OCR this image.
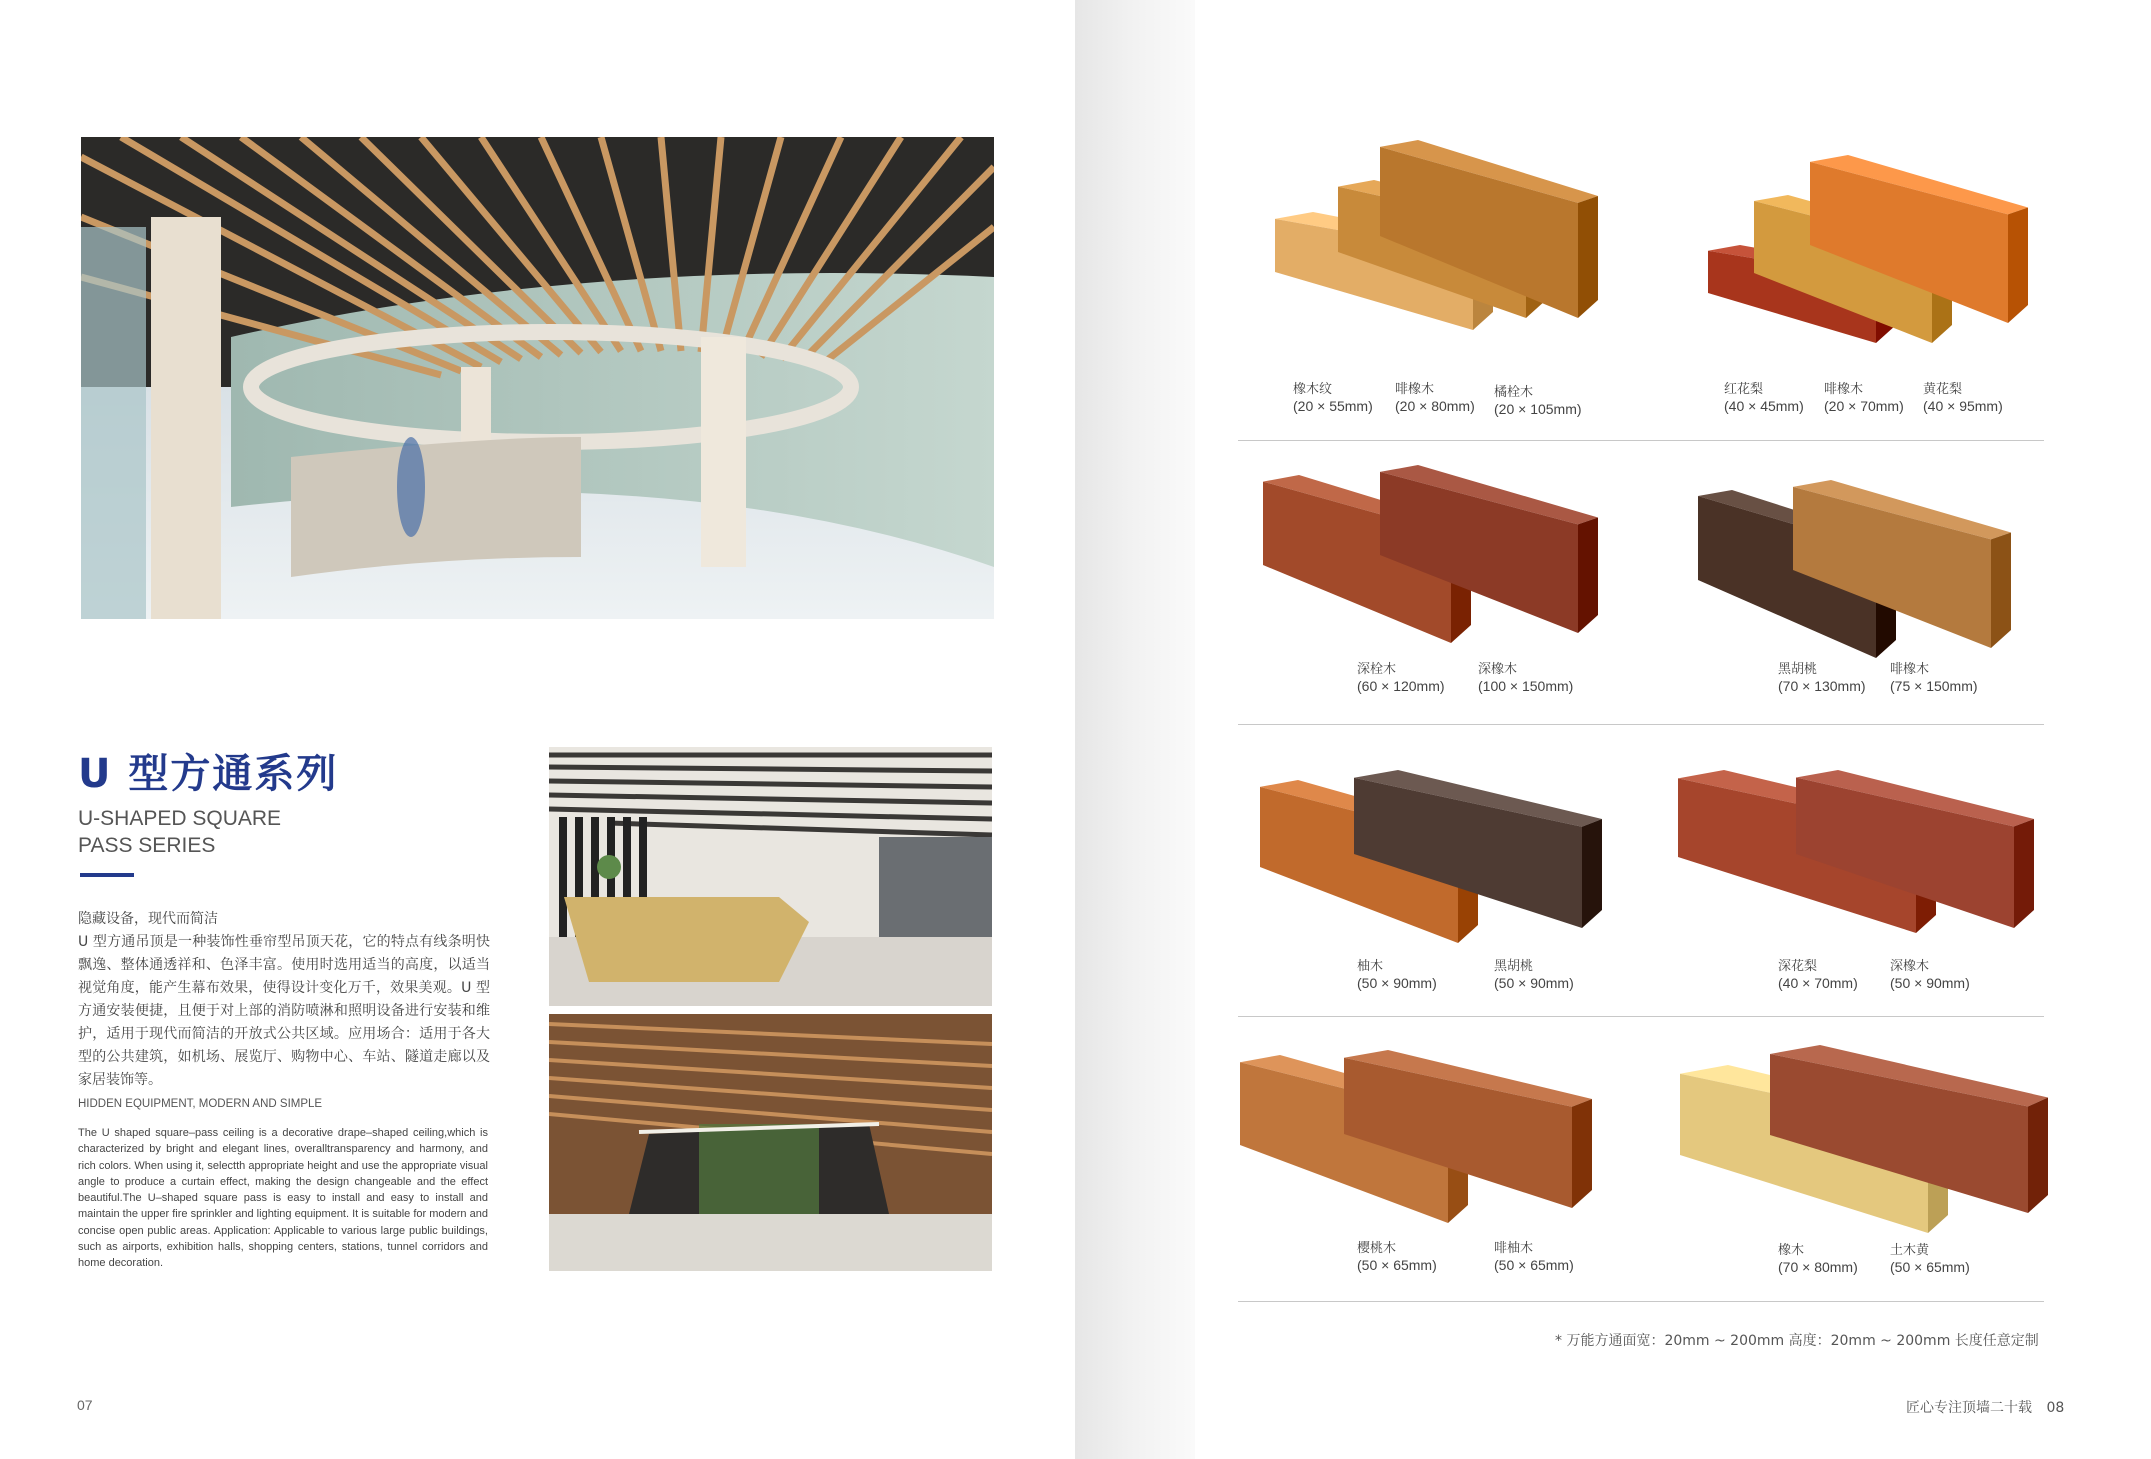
U 型方通系列
U-SHAPED SQUARE
PASS SERIES
隐藏设备，现代而简洁
U 型方通吊顶是一种装饰性垂帘型吊顶天花，它的特点有线条明快飘逸、整体通透祥和、色泽丰富。使用时选用适当的高度，以适当视觉角度，能产生幕布效果，使得设计变化万千，效果美观。U 型方通安装便捷，且便于对上部的消防喷淋和照明设备进行安装和维护，适用于现代而简洁的开放式公共区域。应用场合：适用于各大型的公共建筑，如机场、展览厅、购物中心、车站、隧道走廊以及家居装饰等。
HIDDEN EQUIPMENT, MODERN AND SIMPLE
The U shaped square–pass ceiling is a decorative drape–shaped ceiling,which is characterized by bright and elegant lines, overalltransparency and harmony, and rich colors. When using it, selectth appropriate height and use the appropriate visual angle to produce a curtain effect, making the design changeable and the effect beautiful.The U–shaped square pass is easy to install and easy to install and maintain the upper fire sprinkler and lighting equipment. It is suitable for modern and concise open public areas. Application: Applicable to various large public buildings, such as airports, exhibition halls, shopping centers, stations, tunnel corridors and home decoration.
07
橡木纹
(20 × 55mm)
啡橡木
(20 × 80mm)
橘栓木
(20 × 105mm)
红花梨
(40 × 45mm)
啡橡木
(20 × 70mm)
黄花梨
(40 × 95mm)
深栓木
(60 × 120mm)
深橡木
(100 × 150mm)
黑胡桃
(70 × 130mm)
啡橡木
(75 × 150mm)
柚木
(50 × 90mm)
黑胡桃
(50 × 90mm)
深花梨
(40 × 70mm)
深橡木
(50 × 90mm)
樱桃木
(50 × 65mm)
啡柚木
(50 × 65mm)
橡木
(70 × 80mm)
土木黄
(50 × 65mm)
* 万能方通面宽：20mm ~ 200mm 高度：20mm ~ 200mm 长度任意定制
匠心专注顶墙二十载 08
